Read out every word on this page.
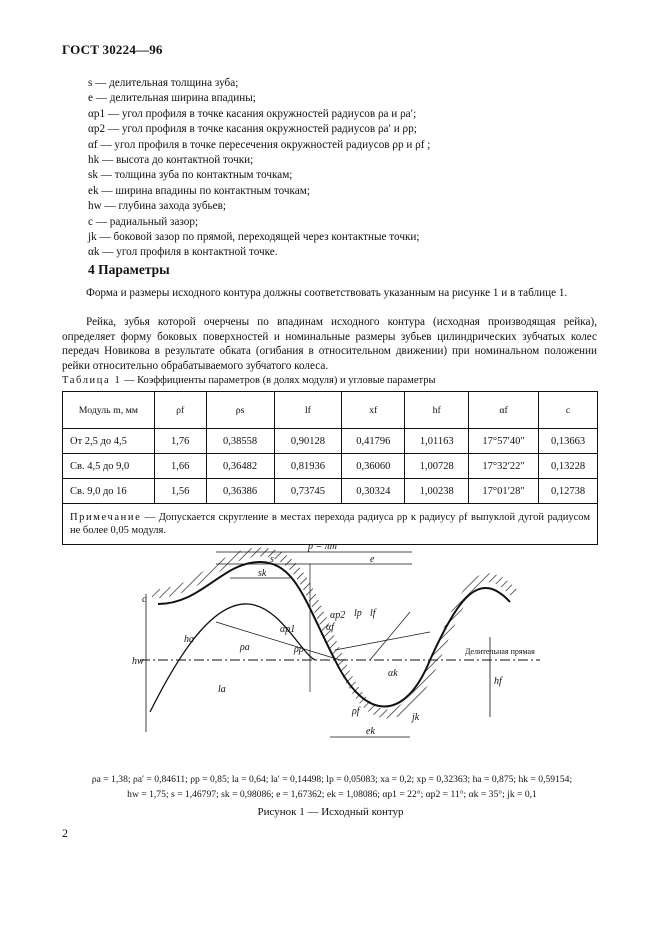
ГОСТ 30224—96
s — делительная толщина зуба;
e — делительная ширина впадины;
αp1 — угол профиля в точке касания окружностей радиусов ρa и ρa′;
αp2 — угол профиля в точке касания окружностей радиусов ρa′ и ρp;
αf — угол профиля в точке пересечения окружностей радиусов ρp и ρf ;
hk — высота до контактной точки;
sk — толщина зуба по контактным точкам;
ek — ширина впадины по контактным точкам;
hw — глубина захода зубьев;
c — радиальный зазор;
jk — боковой зазор по прямой, переходящей через контактные точки;
αk — угол профиля в контактной точке.
4 Параметры
Форма и размеры исходного контура должны соответствовать указанным на рисунке 1 и в таблице 1.
Рейка, зубья которой очерчены по впадинам исходного контура (исходная производящая рейка), определяет форму боковых поверхностей и номинальные размеры зубьев цилиндрических зубчатых колес передач Новикова в результате обката (огибания в относительном движении) при номинальном положении рейки относительно обрабатываемого зубчатого колеса.
Таблица 1 — Коэффициенты параметров (в долях модуля) и угловые параметры
Модуль m, мм	ρf	ρs	lf	xf	hf	αf	c
От 2,5 до 4,5	1,76	0,38558	0,90128	0,41796	1,01163	17°57′40″	0,13663
Св. 4,5 до 9,0	1,66	0,36482	0,81936	0,36060	1,00728	17°32′22″	0,13228
Св. 9,0 до 16	1,56	0,36386	0,73745	0,30324	1,00238	17°01′28″	0,12738
Примечание — Допускается скругление в местах перехода радиуса ρp к радиусу ρf выпуклой дугой радиусом не более 0,05 модуля.							
p = πm
s	e
sk
lf
lp
la
ek
jk
hw
ha
hf
c
ρa	ρp
ρf
αk
αf
αp1
αp2
Делительная прямая
ρa = 1,38; ρa′ = 0,84611; ρp = 0,85; la = 0,64; la′ = 0,14498; lp = 0,05083; xa = 0,2; xp = 0,32363; ha = 0,875; hk = 0,59154;
hw = 1,75; s = 1,46797; sk = 0,98086; e = 1,67362; ek = 1,08086; αp1 = 22°; αp2 = 11°; αk = 35°; jk = 0,1
Рисунок 1 — Исходный контур
2
